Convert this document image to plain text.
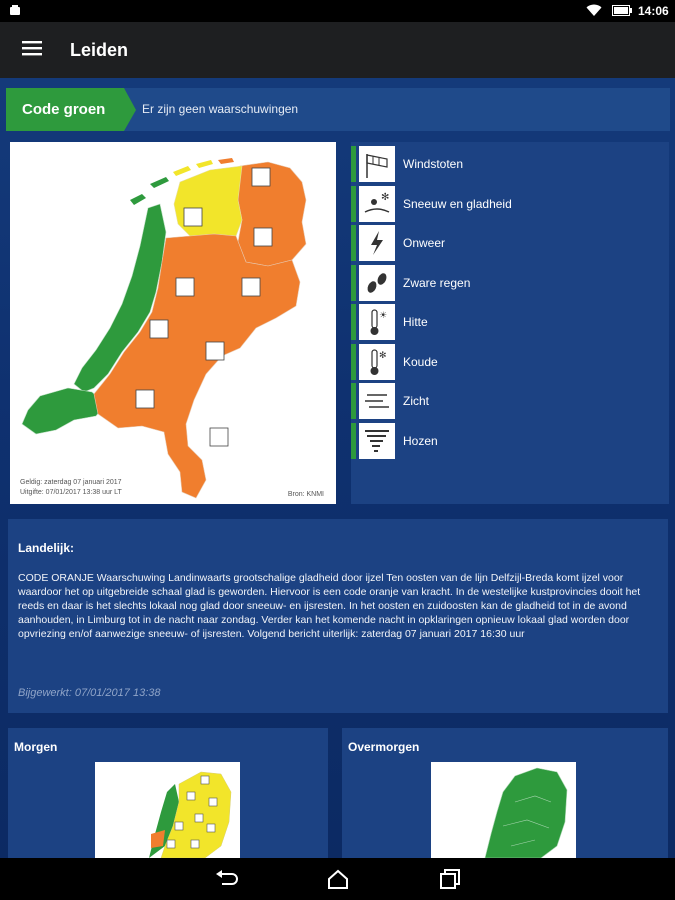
14:06
Leiden
Code groen	Er zijn geen waarschuwingen
Geldig: zaterdag 07 januari 2017
Uitgifte: 07/01/2017 13:38 uur LT	Bron: KNMI
Windstoten
✻ Sneeuw en gladheid
Onweer
Zware regen
☀ Hitte
✻ Koude
Zicht
Hozen
Landelijk:
CODE ORANJE Waarschuwing Landinwaarts grootschalige gladheid door ijzel Ten oosten van de lijn Delfzijl-Breda komt ijzel voor waardoor het op uitgebreide schaal glad is geworden. Hiervoor is een code oranje van kracht. In de westelijke kustprovincies dooit het reeds en daar is het slechts lokaal nog glad door sneeuw- en ijsresten. In het oosten en zuidoosten kan de gladheid tot in de avond aanhouden, in Limburg tot in de nacht naar zondag. Verder kan het komende nacht in opklaringen opnieuw lokaal glad worden door opvriezing en/of aanwezige sneeuw- of ijsresten. Volgend bericht uiterlijk: zaterdag 07 januari 2017 16:30 uur
Bijgewerkt: 07/01/2017 13:38
Morgen	Overmorgen
